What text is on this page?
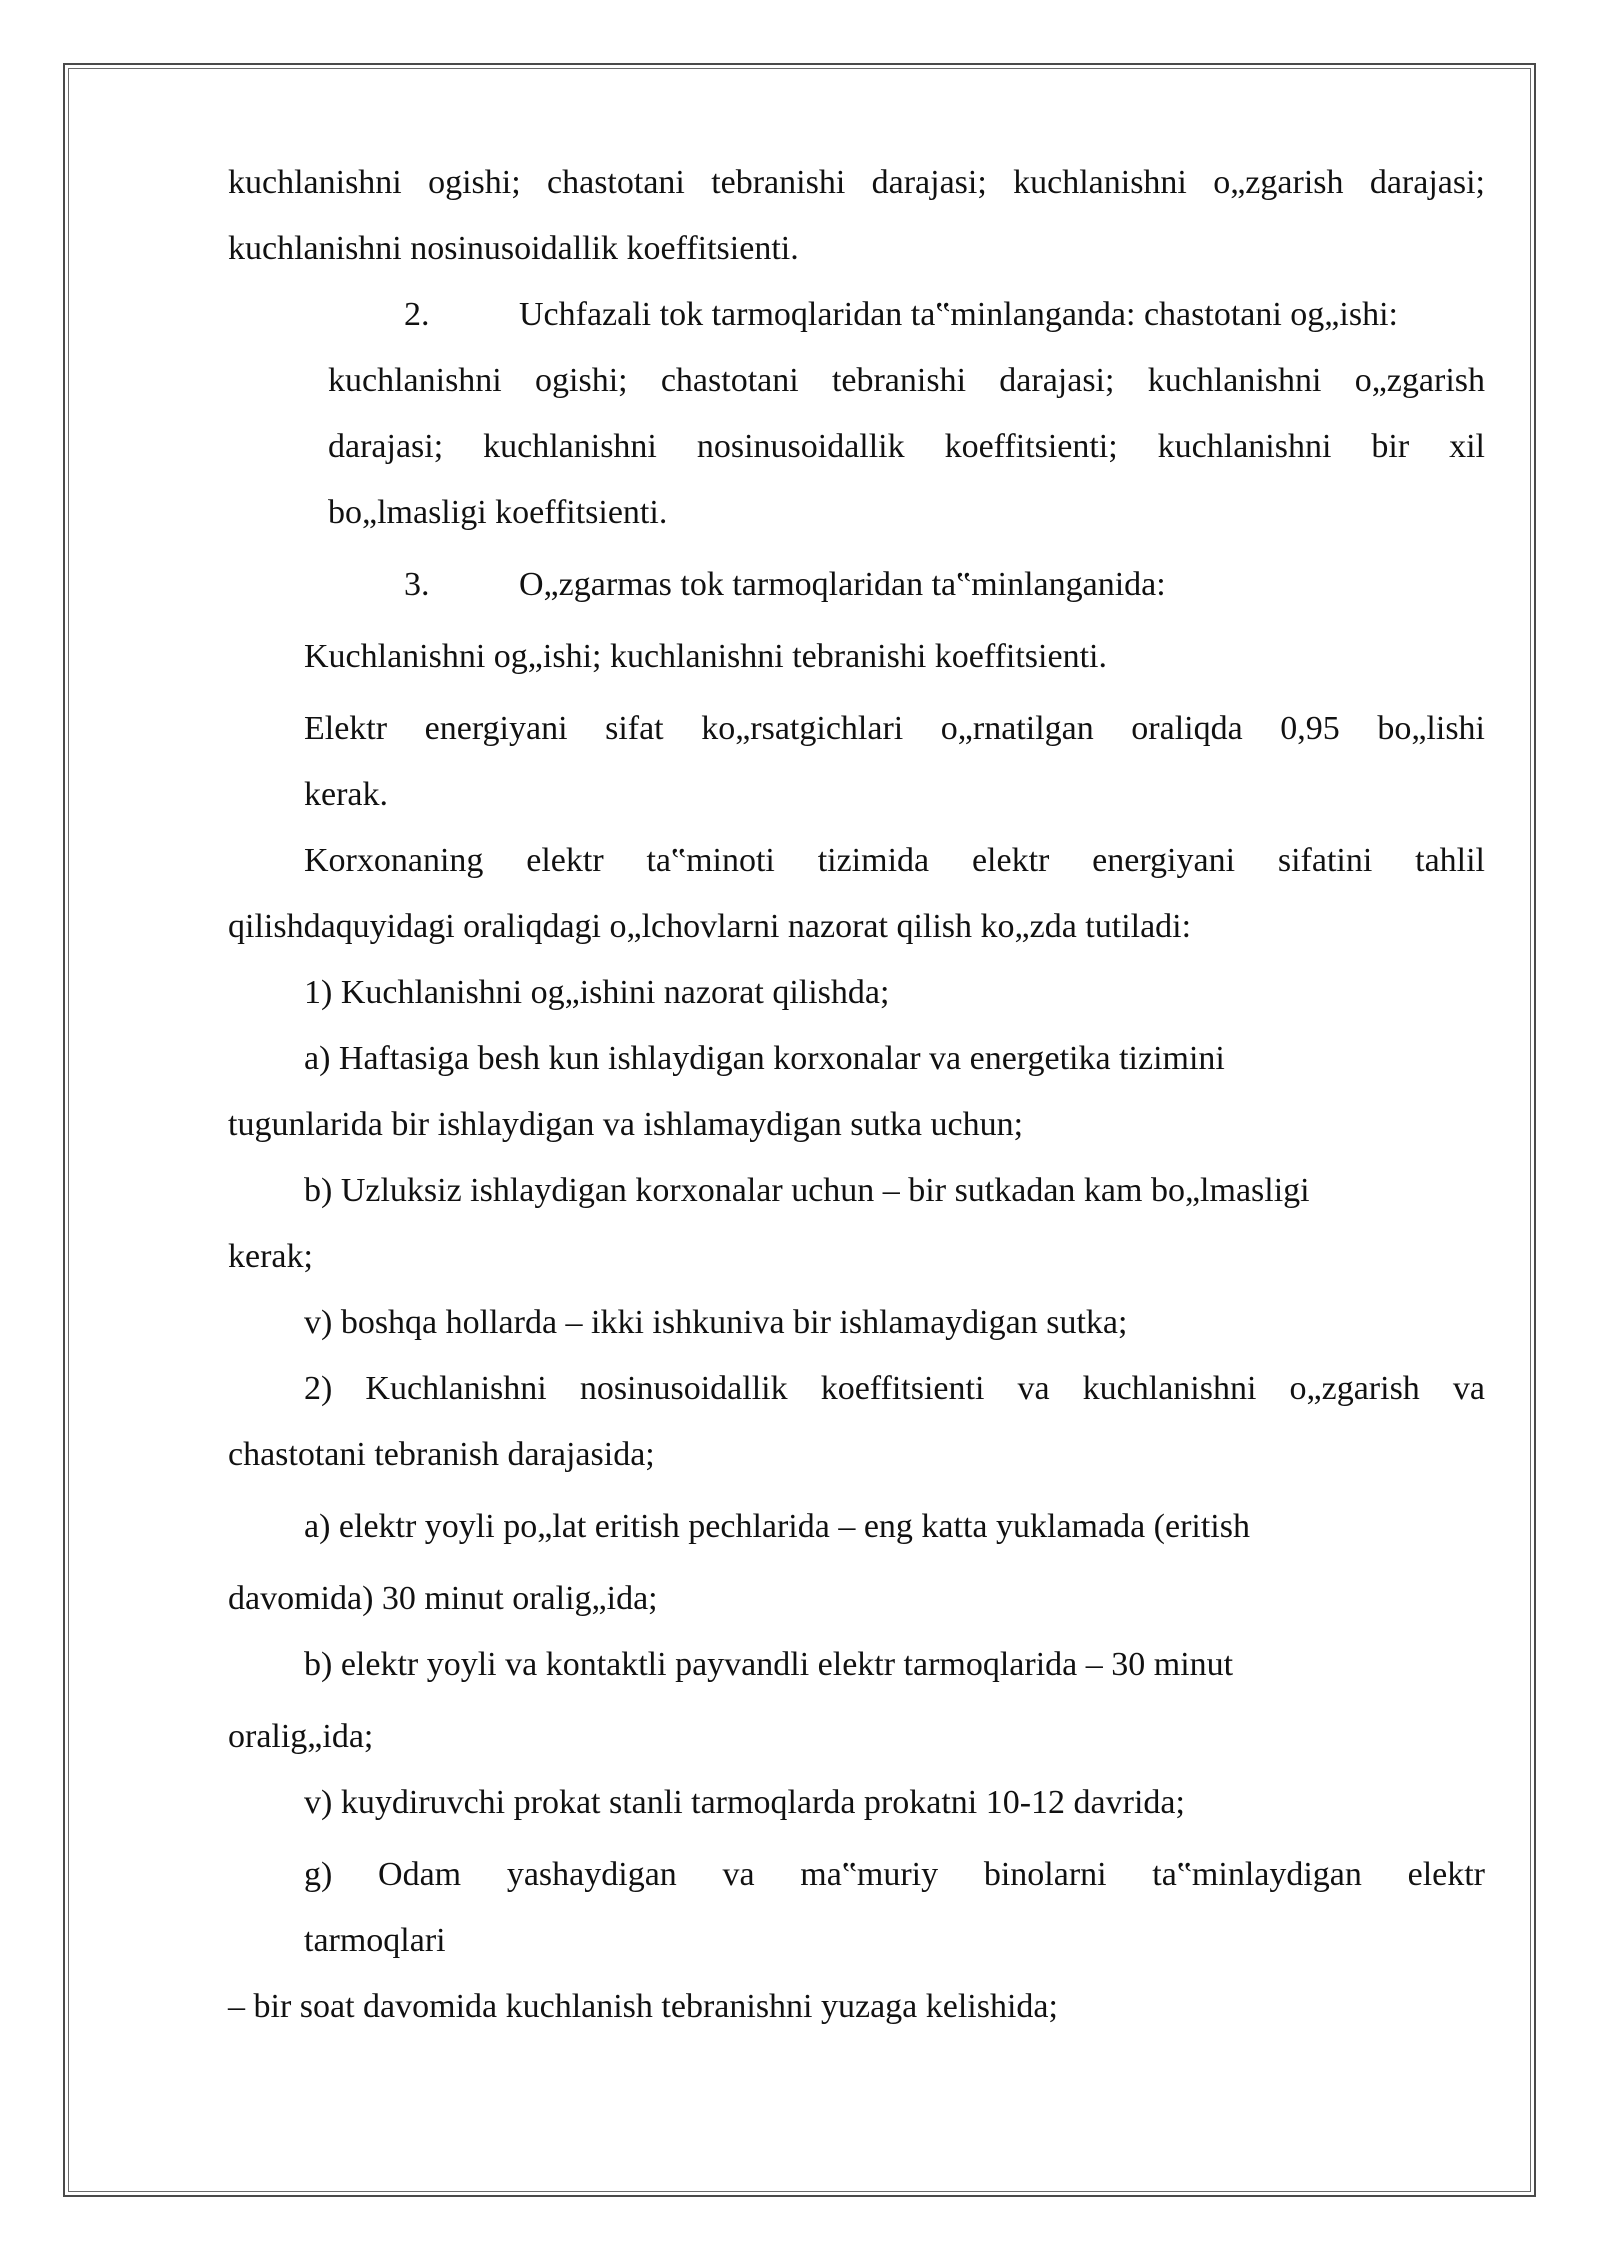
kuchlanishni ogishi; chastotani tebranishi darajasi; kuchlanishni o„zgarish darajasi;
kuchlanishni nosinusoidallik koeffitsienti.
2.	Uchfazali tok tarmoqlaridan ta‟minlanganda: chastotani og„ishi:
kuchlanishni ogishi; chastotani tebranishi darajasi; kuchlanishni o„zgarish
darajasi; kuchlanishni nosinusoidallik koeffitsienti; kuchlanishni bir xil
bo„lmasligi koeffitsienti.
3.	O„zgarmas tok tarmoqlaridan ta‟minlanganida:
Kuchlanishni og„ishi; kuchlanishni tebranishi koeffitsienti.
Elektr energiyani sifat ko„rsatgichlari o„rnatilgan oraliqda 0,95 bo„lishi
kerak.
Korxonaning elektr ta‟minoti tizimida elektr energiyani sifatini tahlil
qilishdaquyidagi oraliqdagi o„lchovlarni nazorat qilish ko„zda tutiladi:
1) Kuchlanishni og„ishini nazorat qilishda;
a) Haftasiga besh kun ishlaydigan korxonalar va energetika tizimini
tugunlarida bir ishlaydigan va ishlamaydigan sutka uchun;
b) Uzluksiz ishlaydigan korxonalar uchun – bir sutkadan kam bo„lmasligi
kerak;
v) boshqa hollarda – ikki ishkuniva bir ishlamaydigan sutka;
2) Kuchlanishni nosinusoidallik koeffitsienti va kuchlanishni o„zgarish va
chastotani tebranish darajasida;
a) elektr yoyli po„lat eritish pechlarida – eng katta yuklamada (eritish
davomida) 30 minut oralig„ida;
b) elektr yoyli va kontaktli payvandli elektr tarmoqlarida – 30 minut
oralig„ida;
v) kuydiruvchi prokat stanli tarmoqlarda prokatni 10-12 davrida;
g) Odam yashaydigan va ma‟muriy binolarni ta‟minlaydigan elektr
tarmoqlari
– bir soat davomida kuchlanish tebranishni yuzaga kelishida;
